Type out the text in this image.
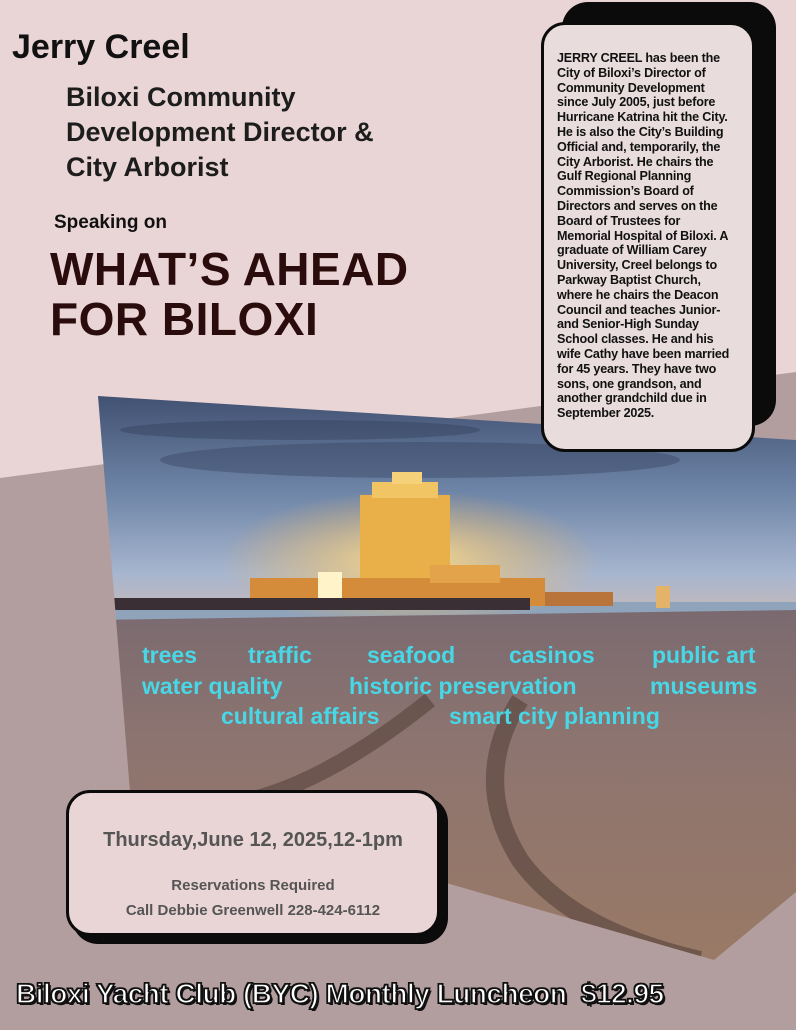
Jerry Creel
Biloxi Community
Development Director &
City Arborist
Speaking on
WHAT’S AHEAD
FOR BILOXI
JERRY CREEL has been the
City of Biloxi’s Director of
Community Development
since July 2005, just before
Hurricane Katrina hit the City.
He is also the City’s Building
Official and, temporarily, the
City Arborist. He chairs the
Gulf Regional Planning
Commission’s Board of
Directors and serves on the
Board of Trustees for
Memorial Hospital of Biloxi. A
graduate of William Carey
University, Creel belongs to
Parkway Baptist Church,
where he chairs the Deacon
Council and teaches Junior-
and Senior-High Sunday
School classes. He and his
wife Cathy have been married
for 45 years. They have two
sons, one grandson, and
another grandchild due in
September 2025.
trees traffic seafood casinos public art
water quality	historic preservation	museums
cultural affairs	smart city planning
Thursday,June 12, 2025,12-1pm
Reservations Required
Call Debbie Greenwell 228-424-6112
Biloxi Yacht Club (BYC) Monthly Luncheon $12.95
